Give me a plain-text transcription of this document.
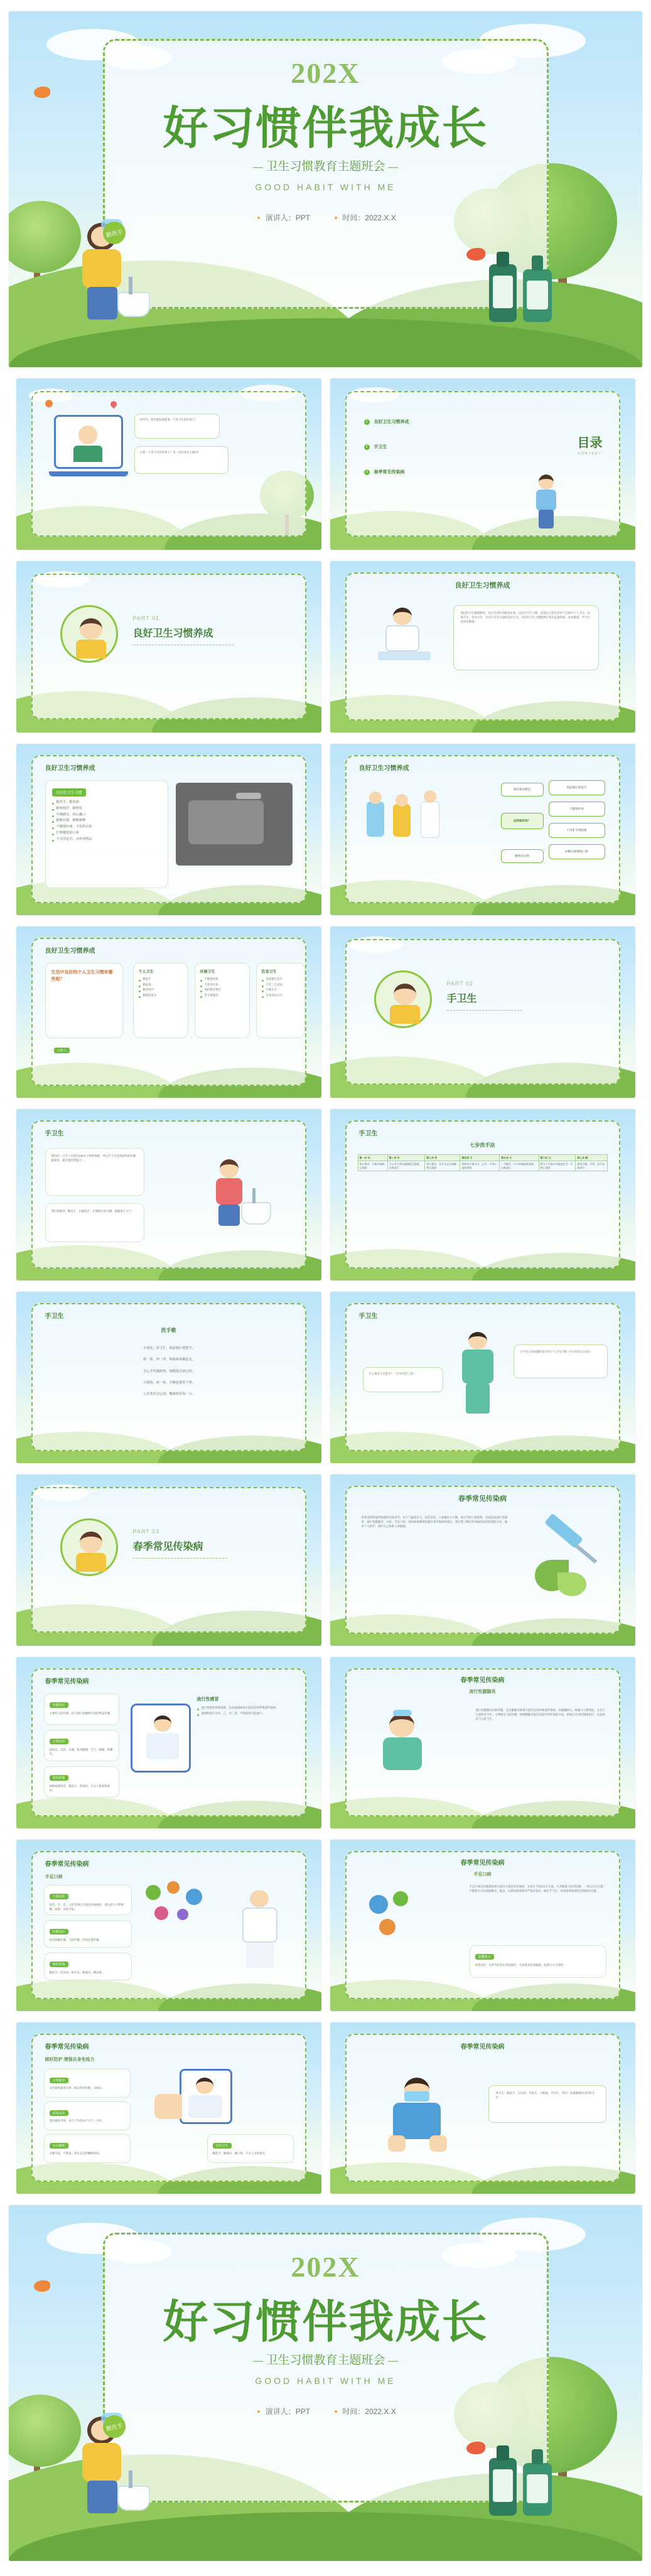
202X
好习惯伴我成长
— 卫生习惯教育主题班会 —
GOOD HABIT WITH ME
演讲人：PPT	时间：2022.X.X
勤洗手
同学们，我们要知道要事一个讲卫生的好孩子！
合着一个讲卫生的好孩子？说一说你看怎么做的？
1	良好卫生习惯养成
2	手卫生
3	春季常见传染病
目录
CONTENT
PART 01
良好卫生习惯养成
良好卫生习惯养成
我们的卫生健康教育，从卫生的好坏程度来看。良好的卫生习惯，是指在日常生活中人们讲究个人卫生、环境卫生、饮食卫生、劳动卫生等方面的良好行为。良好的卫生习惯能够让我们远离疾病，身体健康，学习生活更有精神。
良好卫生习惯养成
良好的卫生习惯
勤洗手、勤洗澡
勤剪指甲、勤理发
早晚刷牙、饭后漱口
勤换衣服、勤晒被褥
不随地吐痰、不乱扔垃圾
打喷嚏要捂口鼻
不共用毛巾、水杯等物品
良好卫生习惯养成
饭前便后要洗手
不随地吐痰
不用脏手揉眼睛
咳嗽打喷嚏捂口鼻
这样做好吗？
勤换洗衣物
保持课桌整洁
良好卫生习惯养成
生活中良好的个人卫生习惯有哪些呢？
小贴士
个人卫生
勤洗手
勤洗澡
勤剪指甲
勤理发洗头
环境卫生
不随地吐痰
不乱扔垃圾
保持教室整洁
常开窗通风
饮食卫生
饭前便后洗手
不吃三无食品
不喝生水
生熟食品分开
PART 02
手卫生
手卫生
我们的一只手上有超过150多个种的细菌，所以手卫生是预防疾病传播最简单、最有效的措施之一。
我们要做到：勤洗手，正确洗手，让细菌无处可藏，做健康小卫士！
手卫生
七步洗手法
第一步 内	第二步 外	第三步 夹	第四步 弓	第五步 大	第六步 立	第七步 腕
掌心相对，手指并拢相互揉搓	手心对手背沿指缝相互揉搓，交换进行	掌心相对，双手交叉沿指缝相互揉搓	弯曲各手指关节，在另一手掌心旋转揉搓	一手握另一手大拇指旋转揉搓，交换进行	将五个手指尖并拢放在另一手掌心揉搓	揉搓手腕、手臂，双手交换进行
手卫生
洗手歌
小朋友，讲卫生，饭前便后要洗手。
搓一搓，冲一冲，细菌病毒都赶走。
手心手背都搓到，指缝指尖别忘掉。
大拇指，转一转，手腕也要洗干净。
七步洗手记心间，健康快乐每一天。
手卫生
什么情况下应洗手？（至少回答三条）
小学生应养成随时洗手的个人卫生习惯（至少回答五句话）
PART 03
春季常见传染病
春季常见传染病
春季是呼吸道传染病的高发季节。由于气温变化大，忽冷忽热，人体抵抗力下降，加之学校人群密集，容易造成流行性感冒、流行性腮腺炎、水痘、手足口病、诺如病毒感染性腹泻等传染病的流行。我们要了解这些疾病的症状和预防方法，做好个人防护，保护自己和他人的健康。
春季常见传染病
传播途径
主要经飞沫传播，也可通过接触被污染的物品传播。
主要症状
起病急，发热、头痛、肌肉酸痛、乏力、咽痛、咳嗽等。
预防措施
接种流感疫苗，勤洗手，常通风，少去人群密集场所。
流行性感冒
流行性感冒简称流感，是由流感病毒引起的急性呼吸道传染病。
流感病毒分为甲、乙、丙三型，甲型最易引起流行。
春季常见传染病
流行性腮腺炎
流行性腮腺炎俗称痄腮，是由腮腺炎病毒引起的急性呼吸道传染病。以腮腺肿大、疼痛为主要特征，多见于儿童和青少年。主要通过飞沫传播，接种腮腺炎疫苗是最有效的预防方法。患病后应及时隔离治疗，注意休息与口腔卫生。
春季常见传染病
手足口病
主要症状
发热，手、足、口腔等部位出现皮疹或疱疹，部分患儿可伴咳嗽、流涕、食欲不振。
传播途径
密切接触传播、飞沫传播、经消化道传播。
预防措施
勤洗手、吃熟食、喝开水、勤通风、晒衣被。
春季常见传染病
手足口病
手足口病是由肠道病毒引起的儿童常见传染病，多发生于5岁以下儿童。大多数患儿症状轻微，一周左右可自愈；少数患儿可出现脑膜炎、脑炎、心肺功能衰竭等严重并发症。做好手卫生、环境消毒和晨检是预防的关键。
温馨提示
发现发热、出疹等症状应及时就医，并按要求居家隔离，痊愈后方可返校。
春季常见传染病
做好防护 增强自身免疫力
合理膳食
多吃新鲜蔬菜水果，保证营养均衡，多喝水。
适量运动
坚持锻炼身体，每天户外活动不少于一小时。
充足睡眠
早睡早起，不熬夜，保证充足的睡眠时间。
讲究卫生
勤洗手、勤通风、戴口罩，不去人多的地方。
春季常见传染病
讲卫生，勤洗手，早发现，早报告，早隔离，早治疗，我们一起做健康快乐的好少年！
202X
好习惯伴我成长
— 卫生习惯教育主题班会 —
GOOD HABIT WITH ME
演讲人：PPT	时间：2022.X.X
勤洗手
